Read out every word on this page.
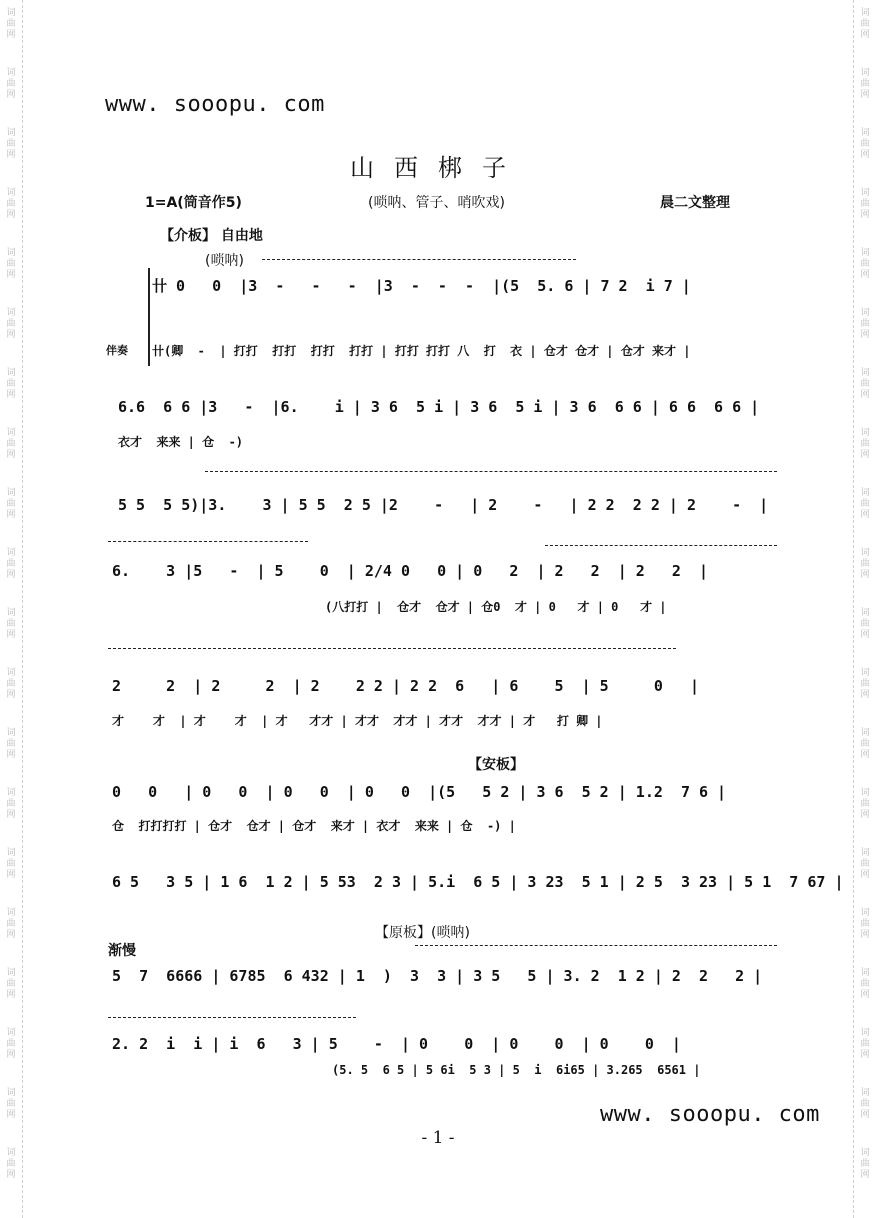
词
曲
网
词
曲
网
词
曲
网
词
曲
网
词
曲
网
词
曲
网
词
曲
网
词
曲
网
词
曲
网
词
曲
网
词
曲
网
词
曲
网
词
曲
网
词
曲
网
词
曲
网
词
曲
网
词
曲
网
词
曲
网
词
曲
网
词
曲
网
词
曲
网
词
曲
网
词
曲
网
词
曲
网
词
曲
网
词
曲
网
词
曲
网
词
曲
网
词
曲
网
词
曲
网
词
曲
网
词
曲
网
词
曲
网
词
曲
网
词
曲
网
词
曲
网
词
曲
网
词
曲
网
词
曲
网
词
曲
网
www. sooopu. com
www. sooopu. com
山西梆子
1=A(筒音作5)	(唢呐、管子、哨吹戏)	晨二文整理
【介板】 自由地
(唢呐)
卄 0   0  |3  -   -   -  |3  -  -  -  |(5  5. 6 | 7 2  i 7 |
伴奏 卄(卿  -  | 打打  打打  打打  打打 | 打打 打打 八  打  衣 | 仓才 仓才 | 仓才 来才 |
6.6  6 6 |3   -  |6.    i | 3 6  5 i | 3 6  5 i | 3 6  6 6 | 6 6  6 6 |
衣才  来来 | 仓  -)
5 5  5 5)|3.    3 | 5 5  2 5 |2    -   | 2    -   | 2 2  2 2 | 2    -  |
6.    3 |5   -  | 5    0  | 2/4 0   0 | 0   2  | 2   2  | 2   2  |
(八打打 |  仓才  仓才 | 仓0  才 | 0   才 | 0   才 |
2     2  | 2     2  | 2    2 2 | 2 2  6   | 6    5  | 5     0   |
才    才  | 才    才  | 才   才才 | 才才  才才 | 才才  才才 | 才   打 卿 |
【安板】
0   0   | 0   0  | 0   0  | 0   0  |(5   5 2 | 3 6  5 2 | 1.2  7 6 |
仓  打打打打 | 仓才  仓才 | 仓才  来才 | 衣才  来来 | 仓  -) |
6 5   3 5 | 1 6  1 2 | 5 53  2 3 | 5.i  6 5 | 3 23  5 1 | 2 5  3 23 | 5 1  7 67 |
【原板】(唢呐)
渐慢
5  7  6666 | 6785  6 432 | 1  )  3  3 | 3 5   5 | 3. 2  1 2 | 2  2   2 |
2. 2  i  i | i  6   3 | 5    -  | 0    0  | 0    0  | 0    0  |
(5. 5  6 5 | 5 6i  5 3 | 5  i  6i65 | 3.265  6561 |
- 1 -
